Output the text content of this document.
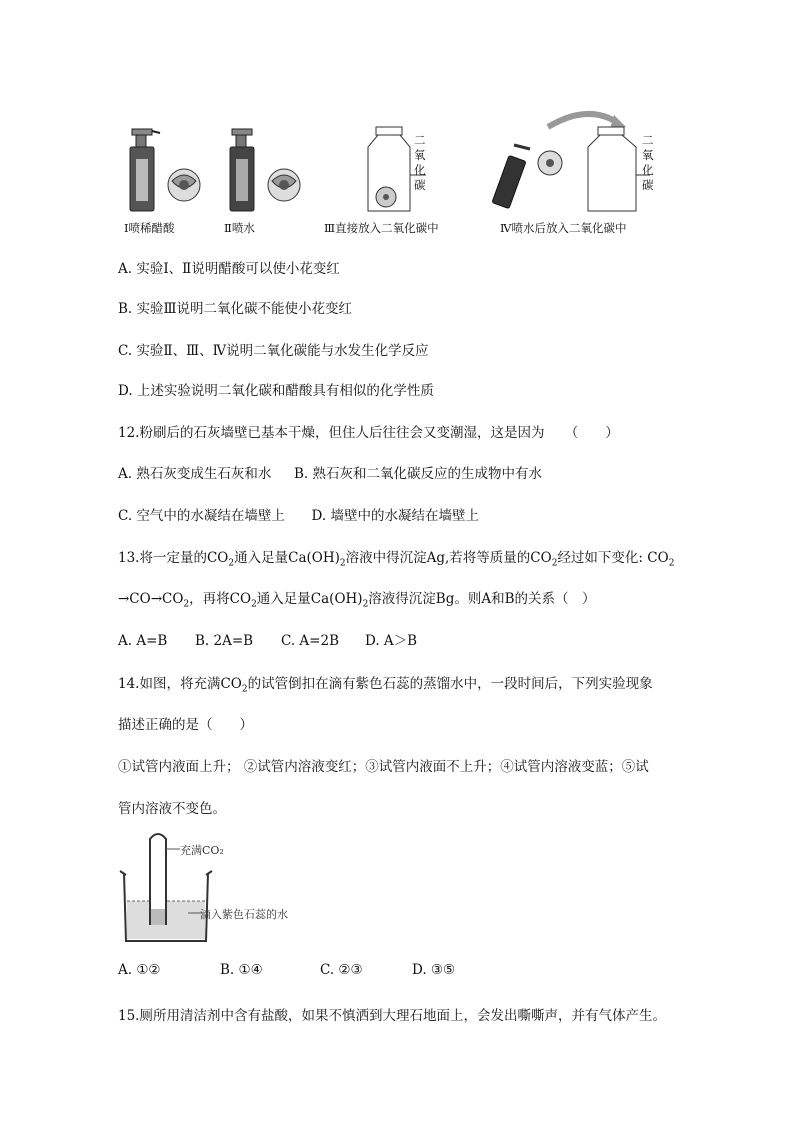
二氧化碳
二氧化碳
Ⅰ喷稀醋酸	Ⅱ喷水	Ⅲ直接放入二氧化碳中	Ⅳ喷水后放入二氧化碳中
A. 实验Ⅰ、Ⅱ说明醋酸可以使小花变红
B. 实验Ⅲ说明二氧化碳不能使小花变红
C. 实验Ⅱ、Ⅲ、Ⅳ说明二氧化碳能与水发生化学反应
D. 上述实验说明二氧化碳和醋酸具有相似的化学性质
12.粉刷后的石灰墙壁已基本干燥，但住人后往往会又变潮湿，这是因为　　（　　）
A. 熟石灰变成生石灰和水 B. 熟石灰和二氧化碳反应的生成物中有水
C. 空气中的水凝结在墙壁上 D. 墙壁中的水凝结在墙壁上
13.将一定量的$CO_2$通入足量$Ca(OH)_2$溶液中得沉淀Ag,若将等质量的$CO_2$经过如下变化: $CO_2$
$\to CO\to CO_2$，再将$CO_2$通入足量$Ca(OH)_2$溶液得沉淀Bg。则A和B的关系（　）
A. A=B B. 2A=B C. A=2B D. A＞B
14.如图，将充满$CO_2$的试管倒扣在滴有紫色石蕊的蒸馏水中，一段时间后，下列实验现象
描述正确的是（　　）
①试管内液面上升； ②试管内溶液变红；③试管内液面不上升；④试管内溶液变蓝；⑤试
管内溶液不变色。
充满CO₂
滴入紫色石蕊的水
A. ①②	B. ①④	C. ②③	D. ③⑤
15.厕所用清洁剂中含有盐酸，如果不慎洒到大理石地面上，会发出嘶嘶声，并有气体产生。
